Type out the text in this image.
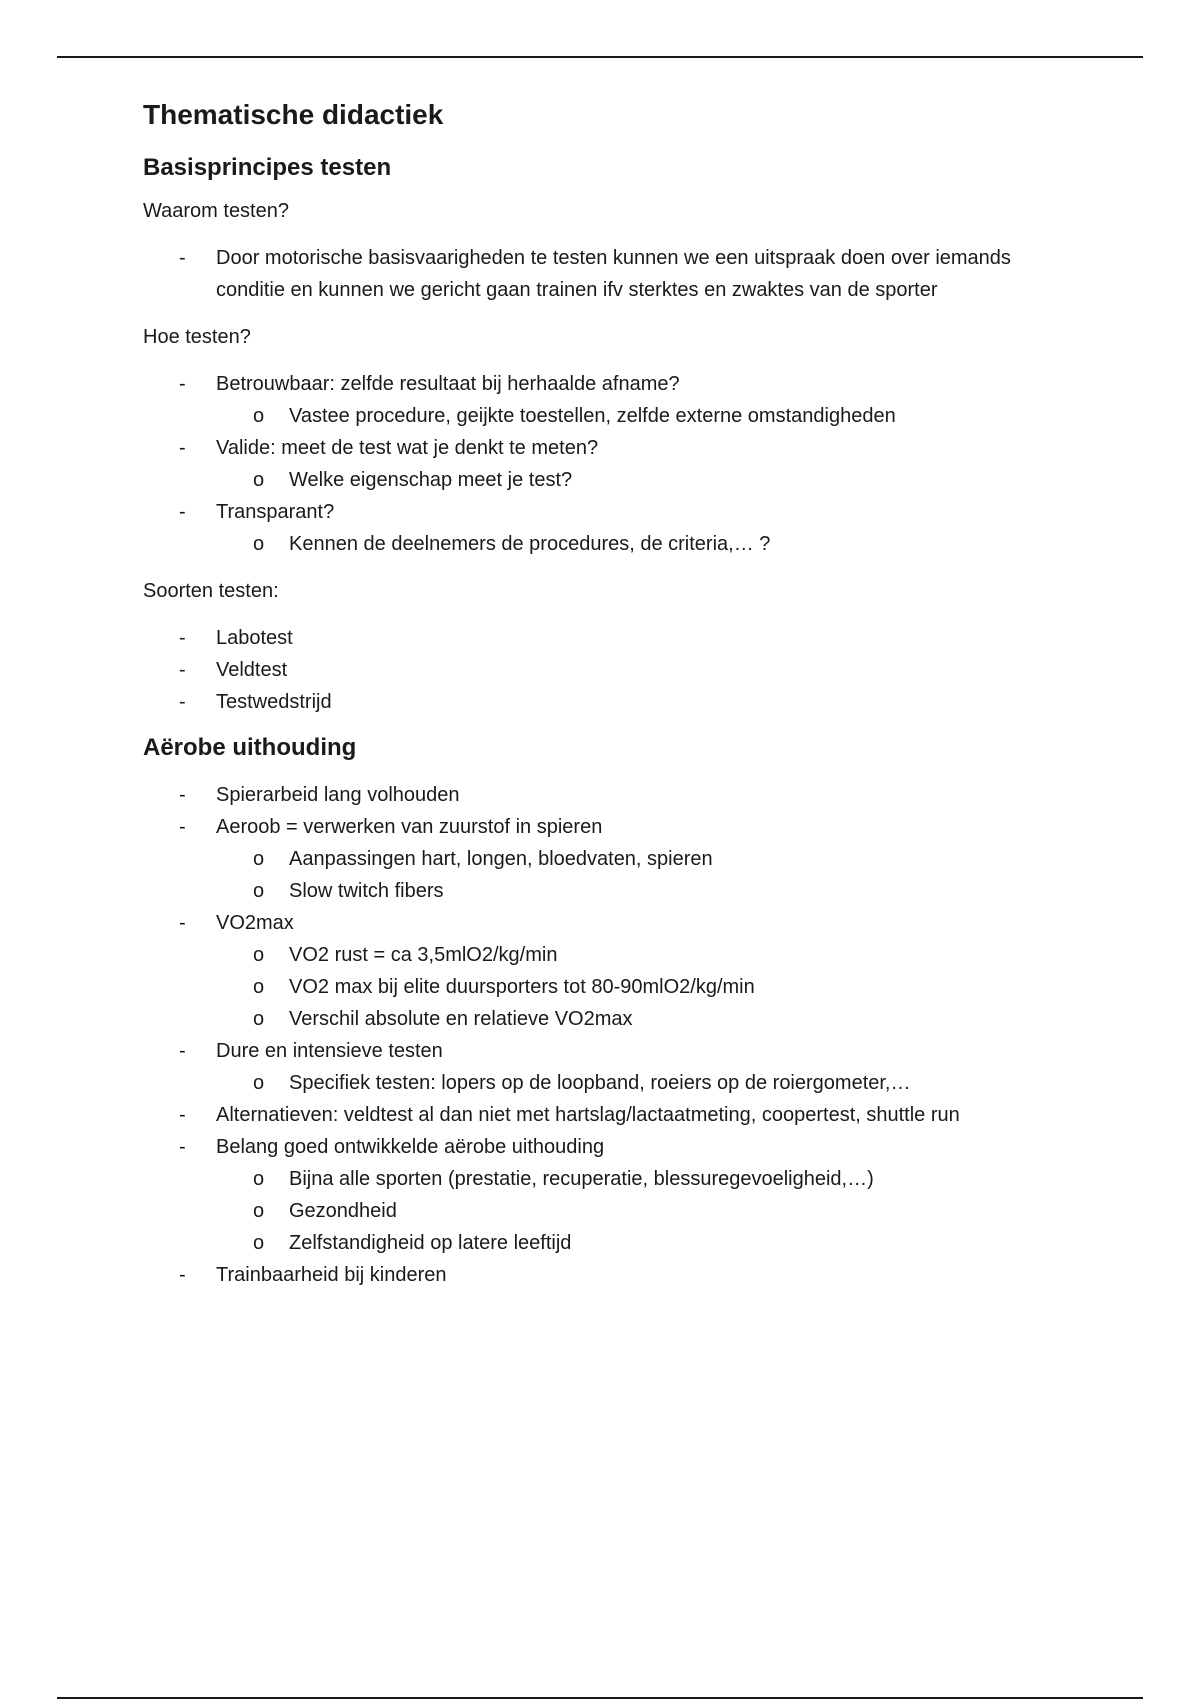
Thematische didactiek
Basisprincipes testen

Waarom testen?

- Door motorische basisvaarigheden te testen kunnen we een uitspraak doen over iemands conditie en kunnen we gericht gaan trainen ifv sterktes en zwaktes van de sporter

Hoe testen?

- Betrouwbaar: zelfde resultaat bij herhaalde afname?
o Vastee procedure, geijkte toestellen, zelfde externe omstandigheden
- Valide: meet de test wat je denkt te meten?
o Welke eigenschap meet je test?
- Transparant?
o Kennen de deelnemers de procedures, de criteria,… ?

Soorten testen:

- Labotest
- Veldtest
- Testwedstrijd
Aërobe uithouding
- Spierarbeid lang volhouden
- Aeroob = verwerken van zuurstof in spieren
o Aanpassingen hart, longen, bloedvaten, spieren
o Slow twitch fibers
- VO2max
o VO2 rust = ca 3,5mlO2/kg/min
o VO2 max bij elite duursporters tot 80-90mlO2/kg/min
o Verschil absolute en relatieve VO2max
- Dure en intensieve testen
o Specifiek testen: lopers op de loopband, roeiers op de roiergometer,…
- Alternatieven: veldtest al dan niet met hartslag/lactaatmeting, coopertest, shuttle run
- Belang goed ontwikkelde aërobe uithouding
o Bijna alle sporten (prestatie, recuperatie, blessuregevoeligheid,…)
o Gezondheid
o Zelfstandigheid op latere leeftijd
- Trainbaarheid bij kinderen
